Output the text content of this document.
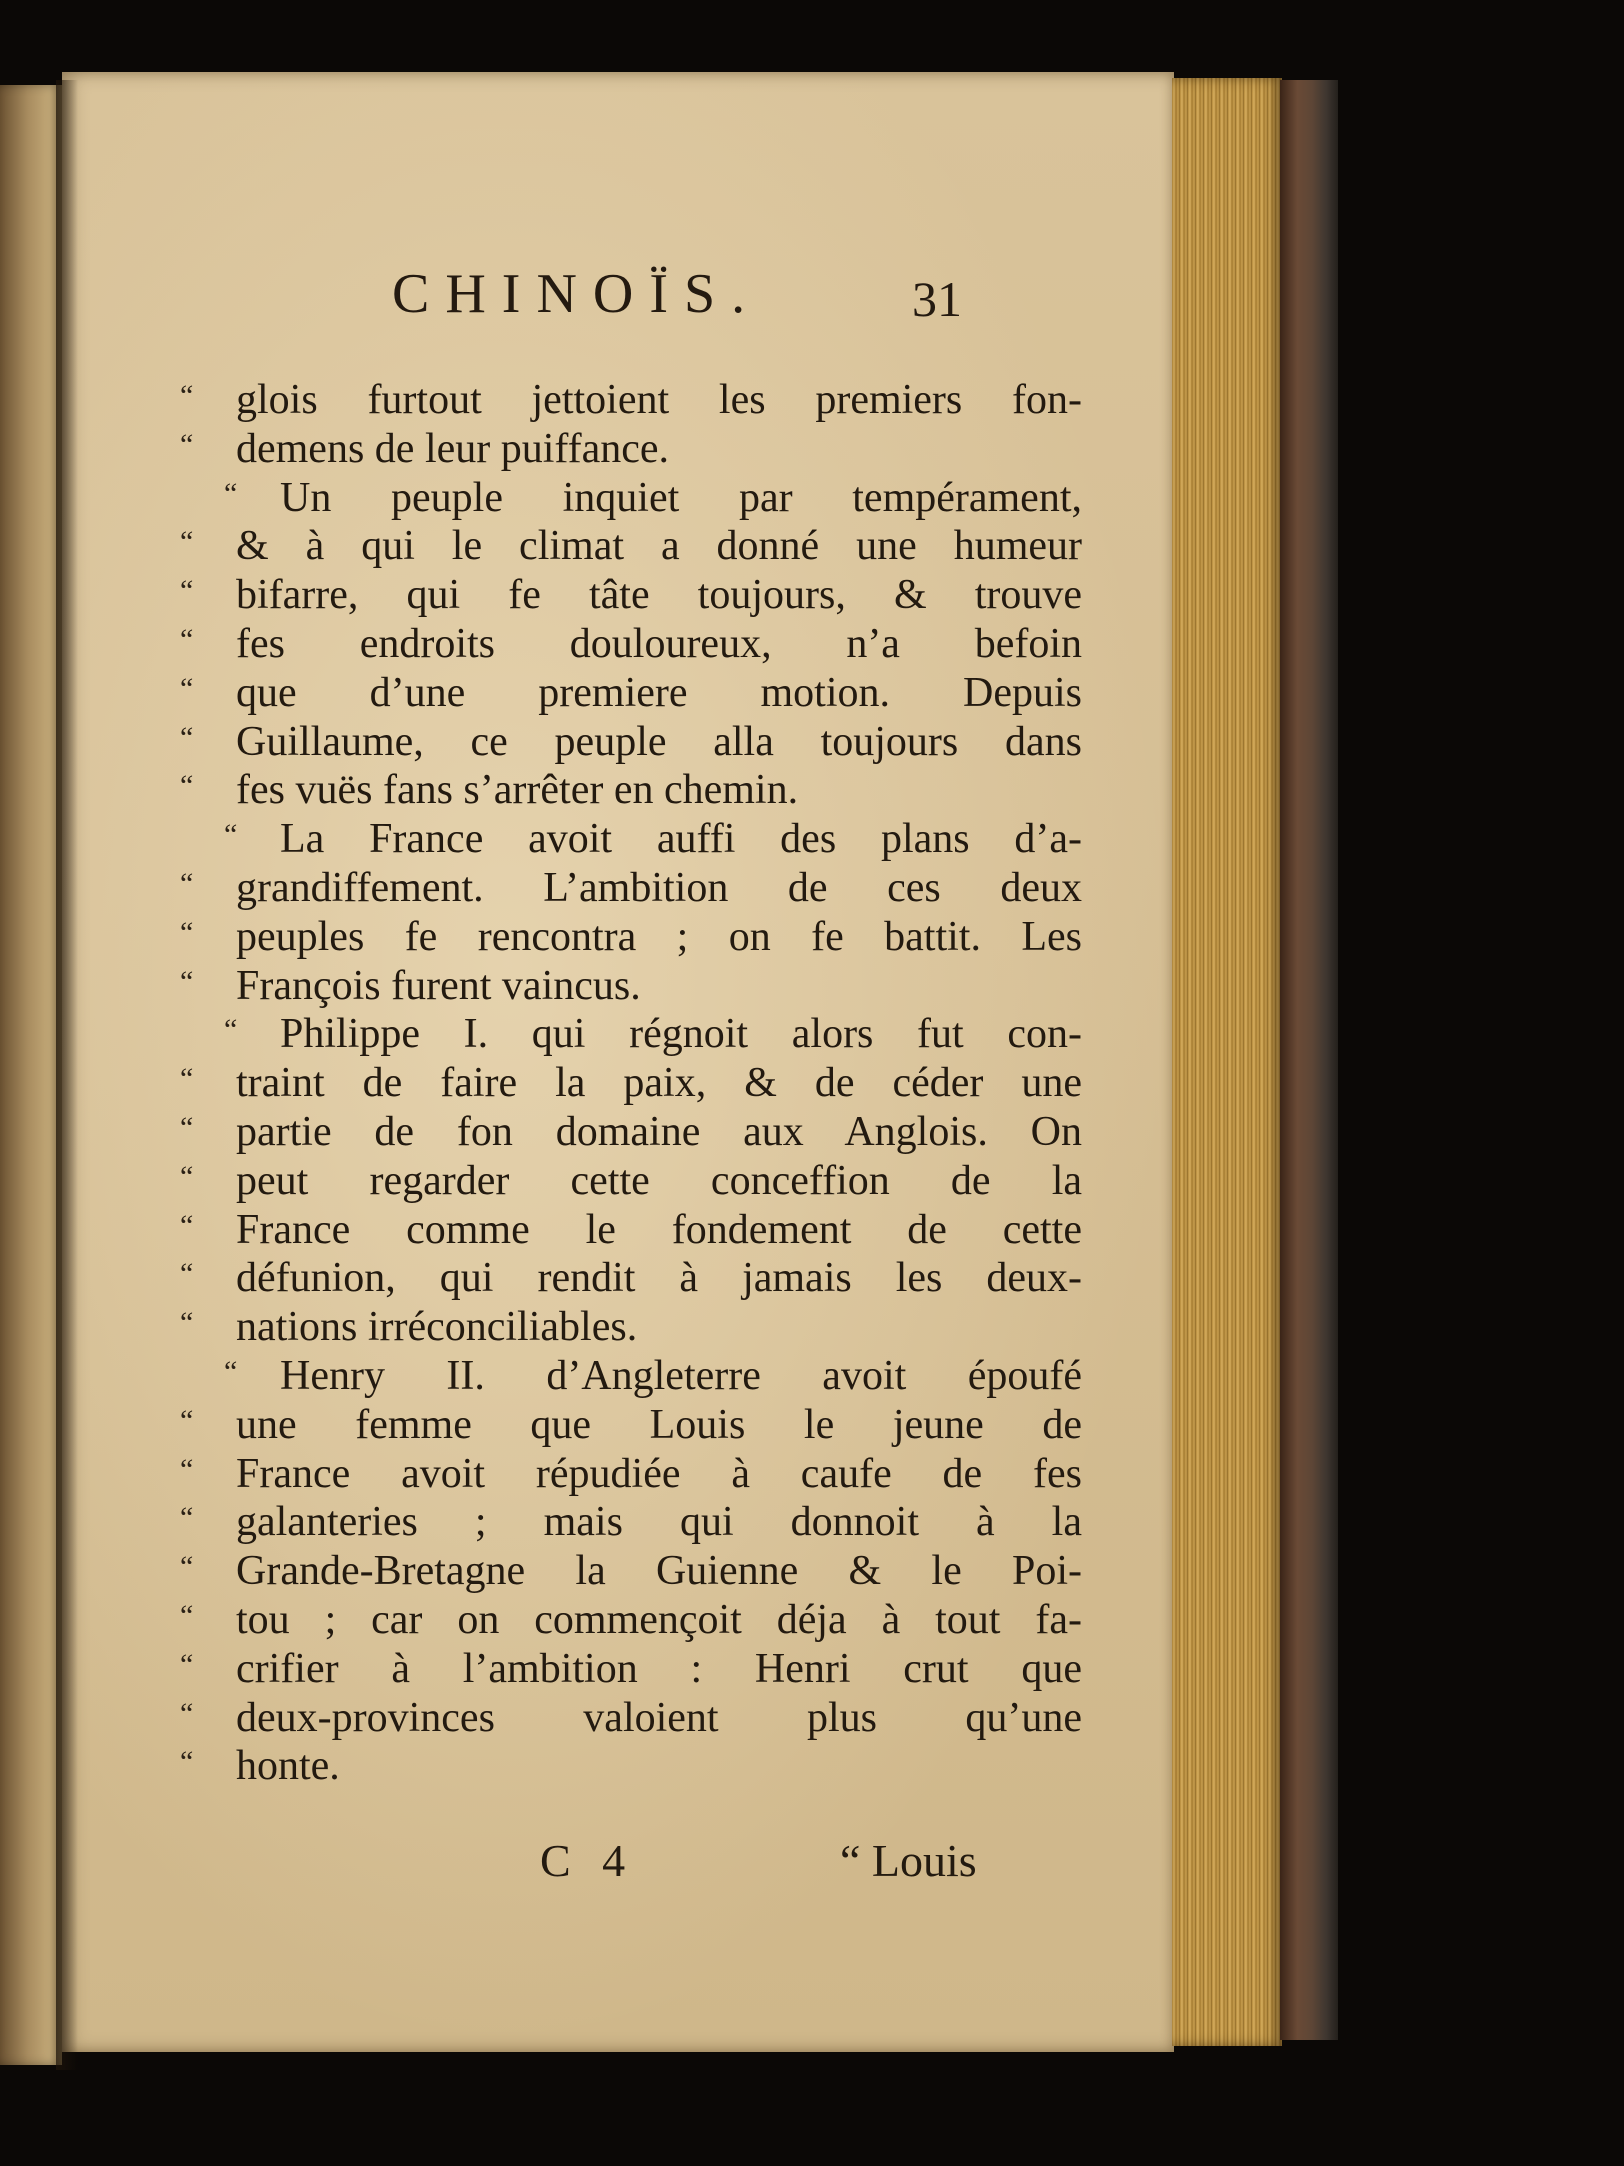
CHINOÏS.	31
“	glois furtout jettoient les premiers fon-
“	demens de leur puiffance.
“	Un peuple inquiet par tempérament,
“	& à qui le climat a donné une humeur
“	bifarre, qui fe tâte toujours, & trouve
“	fes endroits douloureux, n’a befoin
“	que d’une premiere motion. Depuis
“	Guillaume, ce peuple alla toujours dans
“	fes vuës fans s’arrêter en chemin.
“	La France avoit auffi des plans d’a-
“	grandiffement. L’ambition de ces deux
“	peuples fe rencontra ; on fe battit. Les
“	François furent vaincus.
“	Philippe I. qui régnoit alors fut con-
“	traint de faire la paix, & de céder une
“	partie de fon domaine aux Anglois. On
“	peut regarder cette conceffion de la
“	France comme le fondement de cette
“	défunion, qui rendit à jamais les deux-
“	nations irréconciliables.
“	Henry II. d’Angleterre avoit époufé
“	une femme que Louis le jeune de
“	France avoit répudiée à caufe de fes
“	galanteries ; mais qui donnoit à la
“	Grande-Bretagne la Guienne & le Poi-
“	tou ; car on commençoit déja à tout fa-
“	crifier à l’ambition : Henri crut que
“	deux-provinces valoient plus qu’une
“	honte.
C 4	“ Louis
